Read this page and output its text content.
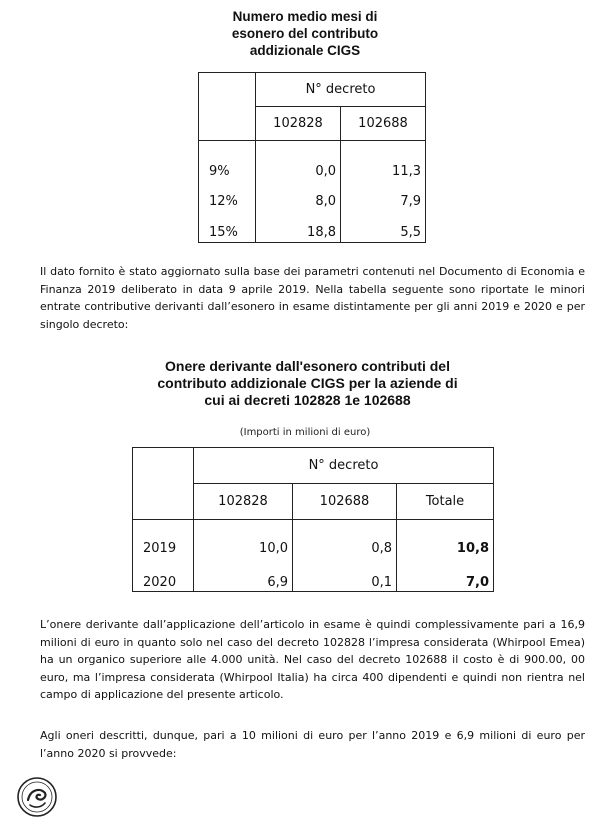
Numero medio mesi di
esonero del contributo
addizionale CIGS
	N° decreto	
	102828	102688
9%	0,0	11,3
12%	8,0	7,9
15%	18,8	5,5
Il dato fornito è stato aggiornato sulla base dei parametri contenuti nel Documento di Economia e Finanza 2019 deliberato in data 9 aprile 2019. Nella tabella seguente sono riportate le minori entrate contributive derivanti dall’esonero in esame distintamente per gli anni 2019 e 2020 e per singolo decreto:
Onere derivante dall'esonero contributi del
contributo addizionale CIGS per la aziende di
cui ai decreti 102828 1e 102688
(Importi in milioni di euro)
	N° decreto		
	102828	102688	Totale
2019	10,0	0,8	10,8
2020	6,9	0,1	7,0
L’onere derivante dall’applicazione dell’articolo in esame è quindi complessivamente pari a 16,9 milioni di euro in quanto solo nel caso del decreto 102828 l’impresa considerata (Whirpool Emea) ha un organico superiore alle 4.000 unità. Nel caso del decreto 102688 il costo è di 900.00, 00 euro, ma l’impresa considerata (Whirpool Italia) ha circa 400 dipendenti e quindi non rientra nel campo di applicazione del presente articolo.
Agli oneri descritti, dunque, pari a 10 milioni di euro per l’anno 2019 e 6,9 milioni di euro per l’anno 2020 si provvede:
